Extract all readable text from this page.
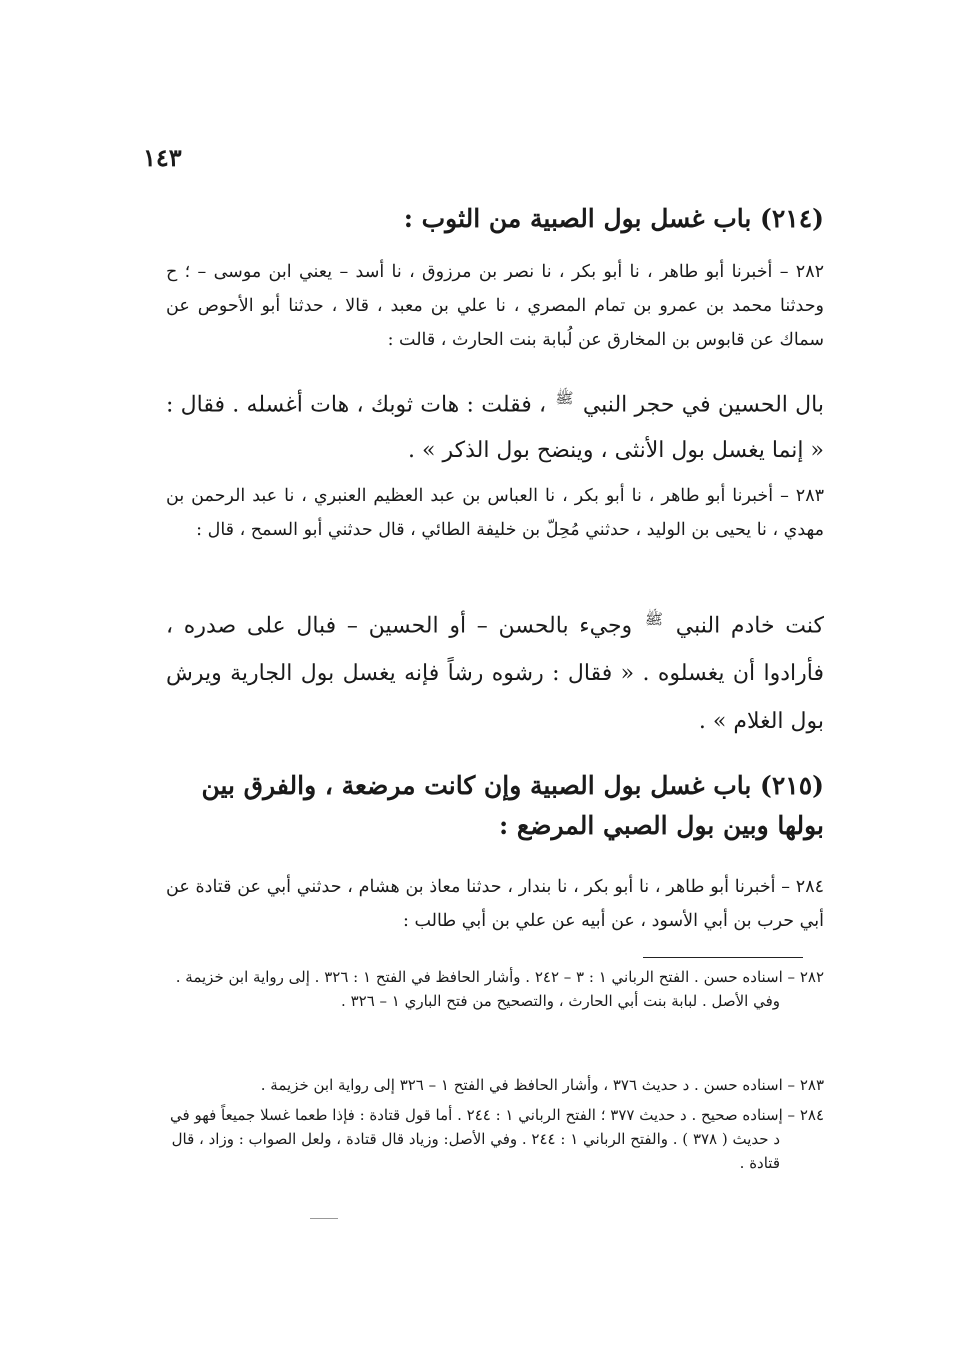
١٤٣
(٢١٤) باب غسل بول الصبية من الثوب :
٢٨٢ – أخبرنا أبو طاهر ، نا أبو بكر ، نا نصر بن مرزوق ، نا أسد – يعني ابن موسى – ؛ ح وحدثنا محمد بن عمرو بن تمام المصري ، نا علي بن معبد ، قالا ، حدثنا أبو الأحوص عن سماك عن قابوس بن المخارق عن لُبابة بنت الحارث ، قالت :
بال الحسين في حجر النبي $^ﷺ$ ، فقلت : هات ثوبك ، هات أغسله . فقال : « إنما يغسل بول الأنثى ، وينضح بول الذكر » .
٢٨٣ – أخبرنا أبو طاهر ، نا أبو بكر ، نا العباس بن عبد العظيم العنبري ، نا عبد الرحمن بن مهدي ، نا يحيى بن الوليد ، حدثني مُحِلّ بن خليفة الطائي ، قال حدثني أبو السمح ، قال :
كنت خادم النبي $^ﷺ$ وجيء بالحسن – أو الحسين – فبال على صدره ، فأرادوا أن يغسلوه . « فقال : رشوه رشاً فإنه يغسل بول الجارية ويرش بول الغلام » .
(٢١٥) باب غسل بول الصبية وإن كانت مرضعة ، والفرق بين بولها وبين بول الصبي المرضع :
٢٨٤ – أخبرنا أبو طاهر ، نا أبو بكر ، نا بندار ، حدثنا معاذ بن هشام ، حدثني أبي عن قتادة عن أبي حرب بن أبي الأسود ، عن أبيه عن علي بن أبي طالب :
٢٨٢ – اسناده حسن . الفتح الرباني ١ : ٣ – ٢٤٢ . وأشار الحافظ في الفتح ١ : ٣٢٦ . إلى رواية ابن خزيمة . وفي الأصل . لبابة بنت أبي الحارث ، والتصحيح من فتح الباري ١ – ٣٢٦ .
٢٨٣ – اسناده حسن . د حديث ٣٧٦ ، وأشار الحافظ في الفتح ١ – ٣٢٦ إلى رواية ابن خزيمة .
٢٨٤ – إسناده صحيح . د حديث ٣٧٧ ؛ الفتح الرباني ١ : ٢٤٤ . أما قول قتادة : فإذا طعما غسلا جميعاً فهو في د حديث ( ٣٧٨ ) . والفتح الرباني ١ : ٢٤٤ . وفي الأصل: وزياد قال قتادة ، ولعل الصواب : وزاد ، قال قتادة .
